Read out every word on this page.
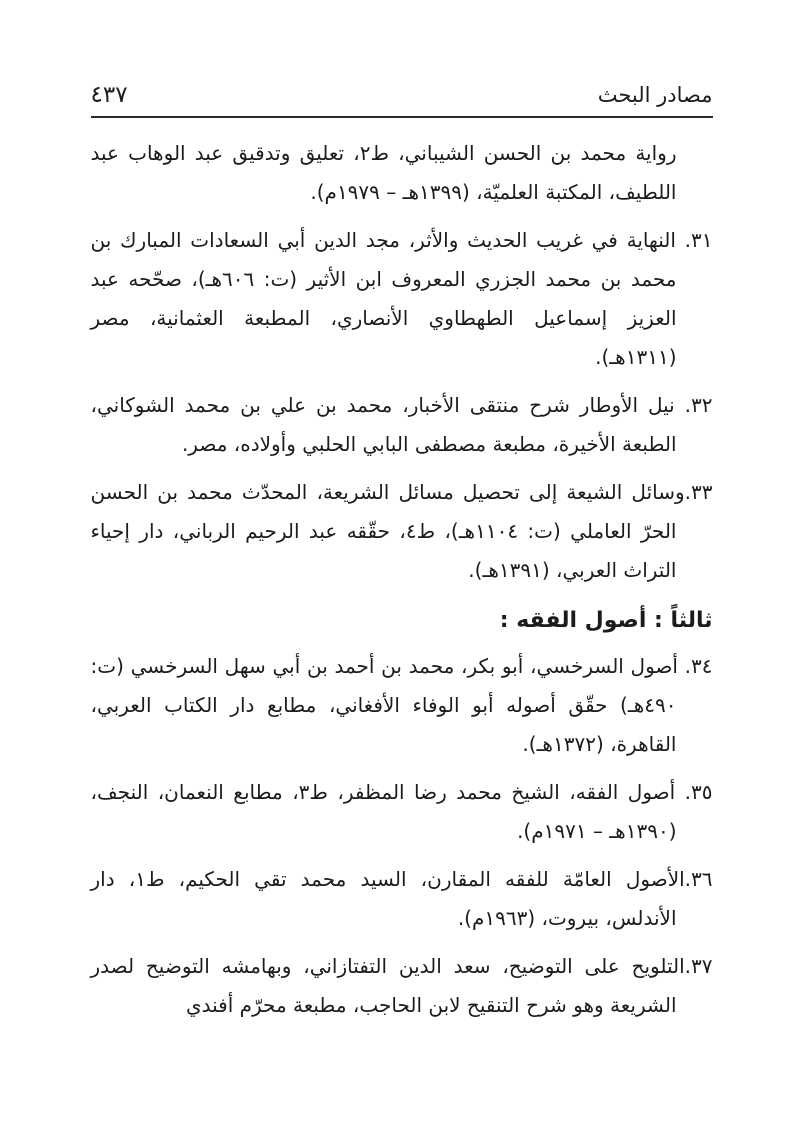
مصادر البحث
٤٣٧

رواية محمد بن الحسن الشيباني، ط٢، تعليق وتدقيق عبد الوهاب عبد اللطيف، المكتبة العلميّة، (١٣٩٩هـ – ١٩٧٩م).

٣١. النهاية في غريب الحديث والأثر، مجد الدين أبي السعادات المبارك بن محمد بن محمد الجزري المعروف ابن الأثير (ت: ٦٠٦هـ)، صحّحه عبد العزيز إسماعيل الطهطاوي الأنصاري، المطبعة العثمانية، مصر (١٣١١هـ).

٣٢. نيل الأوطار شرح منتقى الأخبار، محمد بن علي بن محمد الشوكاني، الطبعة الأخيرة، مطبعة مصطفى البابي الحلبي وأولاده، مصر.

٣٣.وسائل الشيعة إلى تحصيل مسائل الشريعة، المحدّث محمد بن الحسن الحرّ العاملي (ت: ١١٠٤هـ)، ط٤، حقّقه عبد الرحيم الرباني، دار إحياء التراث العربي، (١٣٩١هـ).

ثالثاً : أصول الفقه :

٣٤. أصول السرخسي، أبو بكر، محمد بن أحمد بن أبي سهل السرخسي (ت: ٤٩٠هـ) حقّق أصوله أبو الوفاء الأفغاني، مطابع دار الكتاب العربي، القاهرة، (١٣٧٢هـ).

٣٥. أصول الفقه، الشيخ محمد رضا المظفر، ط٣، مطابع النعمان، النجف، (١٣٩٠هـ – ١٩٧١م).

٣٦.الأصول العامّة للفقه المقارن، السيد محمد تقي الحكيم، ط١، دار الأندلس، بيروت، (١٩٦٣م).

٣٧.التلويح على التوضيح، سعد الدين التفتازاني، وبهامشه التوضيح لصدر الشريعة وهو شرح التنقيح لابن الحاجب، مطبعة محرّم أفندي
